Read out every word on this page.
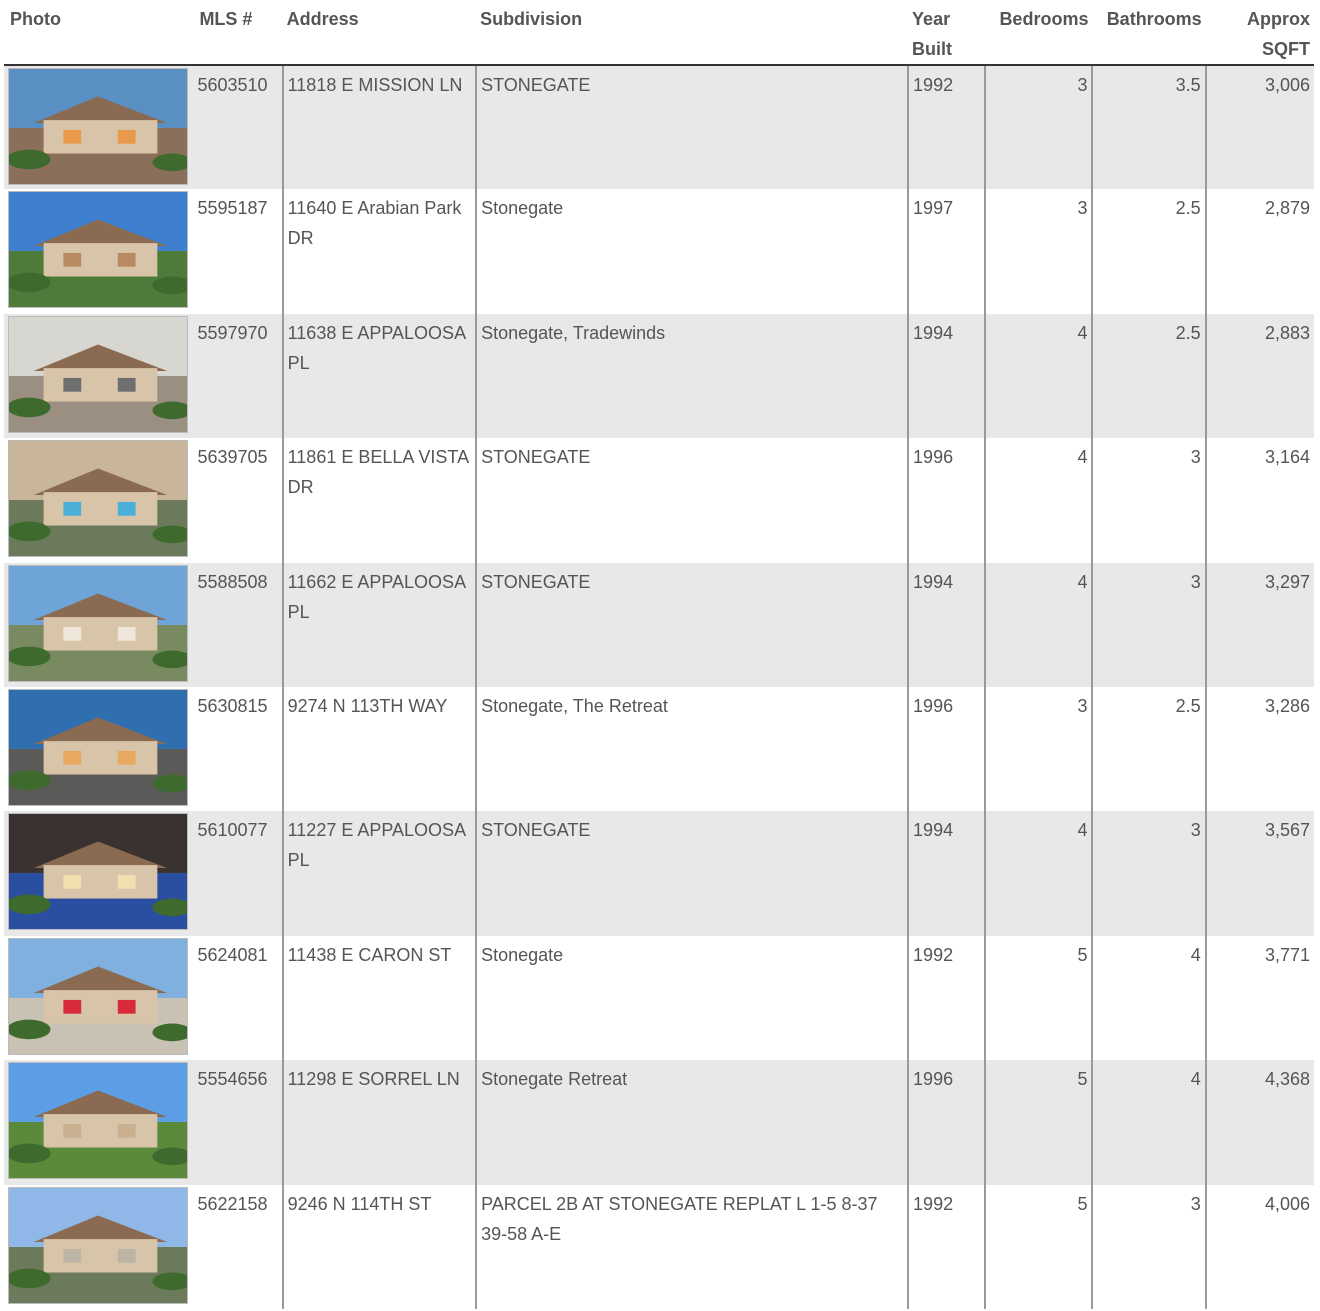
Photo	MLS #	Address	Subdivision	Year Built	Bedrooms	Bathrooms	Approx SQFT

	5603510	11818 E MISSION LN	STONEGATE	1992	3	3.5	3,006

	5595187	11640 E Arabian Park DR	Stonegate	1997	3	2.5	2,879

	5597970	11638 E APPALOOSA PL	Stonegate, Tradewinds	1994	4	2.5	2,883

	5639705	11861 E BELLA VISTA DR	STONEGATE	1996	4	3	3,164

	5588508	11662 E APPALOOSA PL	STONEGATE	1994	4	3	3,297

	5630815	9274 N 113TH WAY	Stonegate, The Retreat	1996	3	2.5	3,286

	5610077	11227 E APPALOOSA PL	STONEGATE	1994	4	3	3,567

	5624081	11438 E CARON ST	Stonegate	1992	5	4	3,771

	5554656	11298 E SORREL LN	Stonegate Retreat	1996	5	4	4,368

	5622158	9246 N 114TH ST	PARCEL 2B AT STONEGATE REPLAT L 1-5 8-37 39-58 A-E	1992	5	3	4,006
